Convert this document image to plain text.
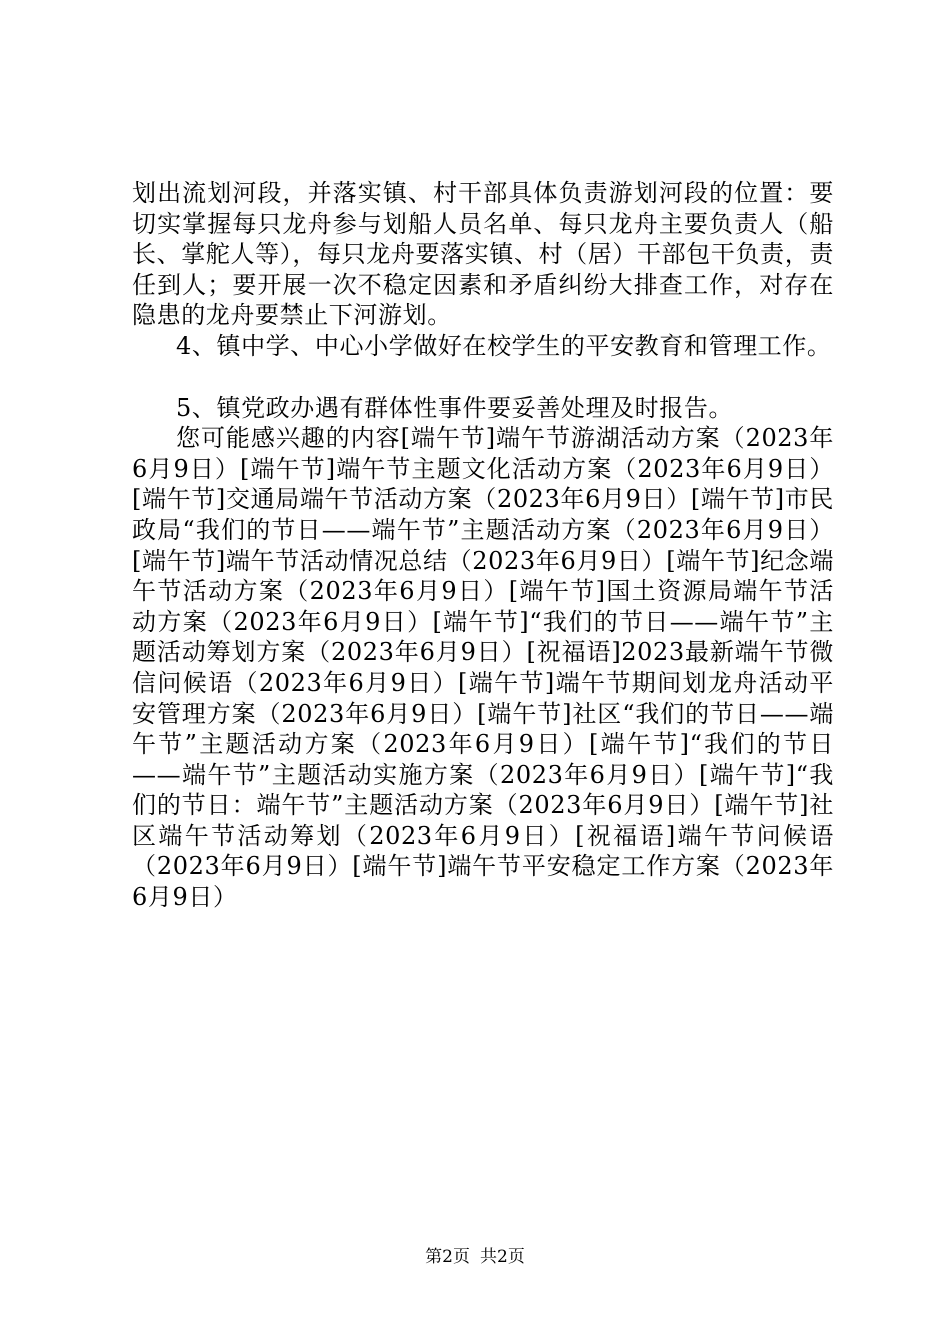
划出流划河段，并落实镇、村干部具体负责游划河段的位置：要切实掌握每只龙舟参与划船人员名单、每只龙舟主要负责人（船长、掌舵人等），每只龙舟要落实镇、村（居）干部包干负责，责任到人；要开展一次不稳定因素和矛盾纠纷大排查工作，对存在隐患的龙舟要禁止下河游划。

4、镇中学、中心小学做好在校学生的平安教育和管理工作。

5、镇党政办遇有群体性事件要妥善处理及时报告。

您可能感兴趣的内容[端午节]端午节游湖活动方案（2023年6月9日）[端午节]端午节主题文化活动方案（2023年6月9日）[端午节]交通局端午节活动方案（2023年6月9日）[端午节]市民政局“我们的节日——端午节”主题活动方案（2023年6月9日）[端午节]端午节活动情况总结（2023年6月9日）[端午节]纪念端午节活动方案（2023年6月9日）[端午节]国土资源局端午节活动方案（2023年6月9日）[端午节]“我们的节日——端午节”主题活动筹划方案（2023年6月9日）[祝福语]2023最新端午节微信问候语（2023年6月9日）[端午节]端午节期间划龙舟活动平安管理方案（2023年6月9日）[端午节]社区“我们的节日——端午节”主题活动方案（2023年6月9日）[端午节]“我们的节日——端午节”主题活动实施方案（2023年6月9日）[端午节]“我们的节日：端午节”主题活动方案（2023年6月9日）[端午节]社区端午节活动筹划（2023年6月9日）[祝福语]端午节问候语（2023年6月9日）[端午节]端午节平安稳定工作方案（2023年6月9日）

第2页 共2页
